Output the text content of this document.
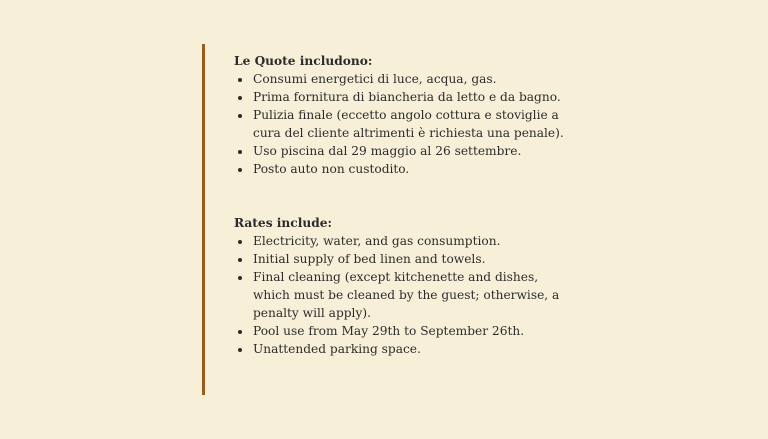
Le Quote includono:

Consumi energetici di luce, acqua, gas.
Prima fornitura di biancheria da letto e da bagno.
Pulizia finale (eccetto angolo cottura e stoviglie a cura del cliente altrimenti è richiesta una penale).
Uso piscina dal 29 maggio al 26 settembre.
Posto auto non custodito.

Rates include:

Electricity, water, and gas consumption.
Initial supply of bed linen and towels.
Final cleaning (except kitchenette and dishes, which must be cleaned by the guest; otherwise, a penalty will apply).
Pool use from May 29th to September 26th.
Unattended parking space.
